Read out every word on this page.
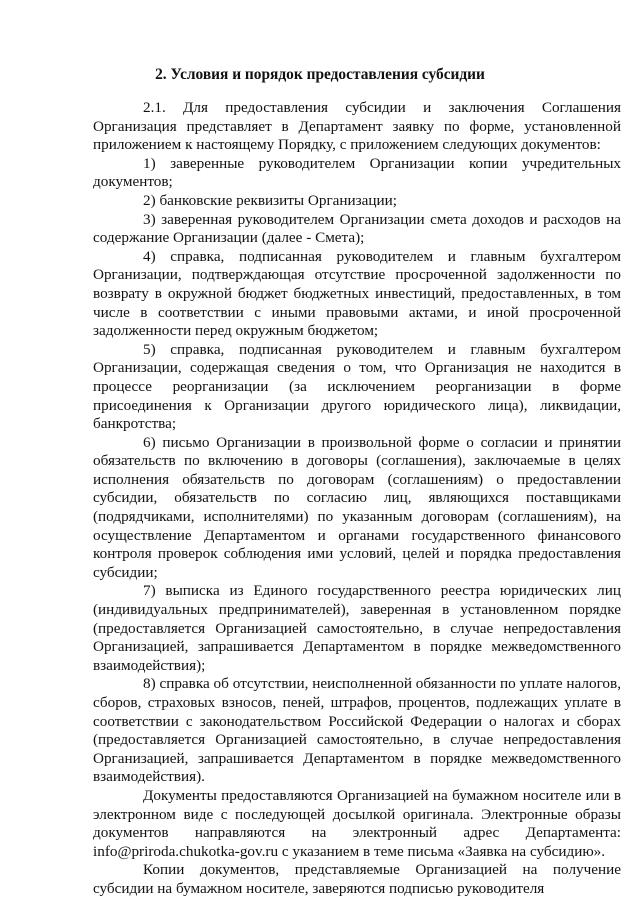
2. Условия и порядок предоставления субсидии

2.1. Для предоставления субсидии и заключения Соглашения Организация представляет в Департамент заявку по форме, установленной приложением к настоящему Порядку, с приложением следующих документов:

1) заверенные руководителем Организации копии учредительных документов;

2) банковские реквизиты Организации;

3) заверенная руководителем Организации смета доходов и расходов на содержание Организации (далее - Смета);

4) справка, подписанная руководителем и главным бухгалтером Организации, подтверждающая отсутствие просроченной задолженности по возврату в окружной бюджет бюджетных инвестиций, предоставленных, в том числе в соответствии с иными правовыми актами, и иной просроченной задолженности перед окружным бюджетом;

5) справка, подписанная руководителем и главным бухгалтером Организации, содержащая сведения о том, что Организация не находится в процессе реорганизации (за исключением реорганизации в форме присоединения к Организации другого юридического лица), ликвидации, банкротства;

6) письмо Организации в произвольной форме о согласии и принятии обязательств по включению в договоры (соглашения), заключаемые в целях исполнения обязательств по договорам (соглашениям) о предоставлении субсидии, обязательств по согласию лиц, являющихся поставщиками (подрядчиками, исполнителями) по указанным договорам (соглашениям), на осуществление Департаментом и органами государственного финансового контроля проверок соблюдения ими условий, целей и порядка предоставления субсидии;

7) выписка из Единого государственного реестра юридических лиц (индивидуальных предпринимателей), заверенная в установленном порядке (предоставляется Организацией самостоятельно, в случае непредоставления Организацией, запрашивается Департаментом в порядке межведомственного взаимодействия);

8) справка об отсутствии, неисполненной обязанности по уплате налогов, сборов, страховых взносов, пеней, штрафов, процентов, подлежащих уплате в соответствии с законодательством Российской Федерации о налогах и сборах (предоставляется Организацией самостоятельно, в случае непредоставления Организацией, запрашивается Департаментом в порядке межведомственного взаимодействия).

Документы предоставляются Организацией на бумажном носителе или в электронном виде с последующей досылкой оригинала. Электронные образы документов направляются на электронный адрес Департамента: info@priroda.chukotka-gov.ru с указанием в теме письма «Заявка на субсидию».

Копии документов, представляемые Организацией на получение субсидии на бумажном носителе, заверяются подписью руководителя
